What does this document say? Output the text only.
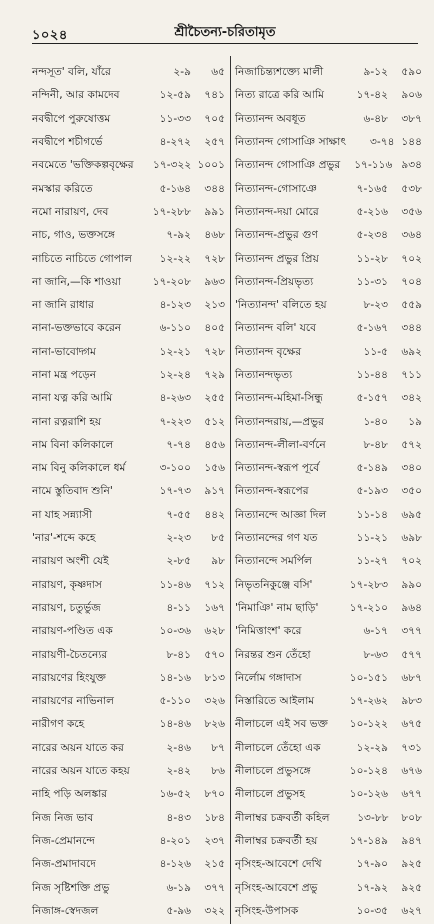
১০২৪	শ্রীচৈতন্য-চরিতামৃত
নন্দসূত' বলি, যাঁরে	২-৯	৬৫
নন্দিনী, আর কামদেব	১২-৫৯	৭৪১
নবদ্বীপে পুরুষোত্তম	১১-৩৩	৭০৫
নবদ্বীপে শচীগর্ভে	৪-২৭২	২৫৭
নবমেতে 'ভক্তিকল্পবৃক্ষের	১৭-৩২২ ১০০১
নমস্কার করিতে	৫-১৬৪	৩৪৪
নমো নারায়ণ, দেব	১৭-২৮৮	৯৯১
নাচ, গাও, ভক্তসঙ্গে	৭-৯২	৪৬৮
নাচিতে নাচিতে গোপাল	১২-২২	৭২৮
না জানি,—কি শাওয়া	১৭-২০৮	৯৬৩
না জানি রাধার	৪-১২৩	২১৩
নানা-ভক্তভাবে করেন	৬-১১০	৪০৫
নানা-ভাবোদ্গম	১২-২১	৭২৮
নানা মন্ত্র পড়েন	১২-২৪	৭২৯
নানা যত্ন করি আমি	৪-২৬৩	২৫৫
নানা রত্নরাশি হয়	৭-২২৩	৫১২
নাম বিনা কলিকালে	৭-৭৪	৪৫৬
নাম বিনু কলিকালে ধর্ম	৩-১০০	১৫৬
নামে স্তুতিবাদ শুনি'	১৭-৭৩	৯১৭
না যাহ সন্ন্যাসী	৭-৫৫	৪৪২
'নার'-শব্দে কহে	২-২৩	৮৫
নারায়ণ অংশী যেই	২-৮৫	৯৮
নারায়ণ, কৃষ্ণদাস	১১-৪৬	৭১২
নারায়ণ, চতুর্ভুজ	৪-১১	১৬৭
নারায়ণ-পণ্ডিত এক	১০-৩৬	৬২৮
নারায়ণী-চৈতন্যের	৮-৪১	৫৭০
নারায়ণের হিংযুক্ত	১৪-১৬	৮১৩
নারায়ণের নাভিনাল	৫-১১০	৩২৬
নারীগণ কহে	১৪-৪৬	৮২৬
নারের অয়ন যাতে কর	২-৪৬	৮৭
নারের অয়ন যাতে কহয়	২-৪২	৮৬
নাহি পড়ি অলঙ্কার	১৬-৫২	৮৭০
নিজ নিজ ভাব	৪-৪৩	১৮৪
নিজ-প্রেমানন্দে	৪-২০১	২৩৭
নিজ-প্রমাদাবদে	৪-১২৬	২১৫
নিজ সৃষ্টিশক্তি প্রভু	৬-১৯	৩৭৭
নিজাঙ্গ-স্বেদজল	৫-৯৬	৩২২
নিজাচিন্ত্যশক্ত্যে মালী	৯-১২	৫৯০
নিত্য রাত্রে করি আমি	১৭-৪২	৯০৬
নিত্যানন্দ অবধূত	৬-৪৮	৩৮৭
নিত্যানন্দ গোসাঞি সাক্ষাৎ	৩-৭৪ ১৪৪
নিত্যানন্দ গোসাঞি প্রভুর	১৭-১১৬ ৯৩৪
নিত্যানন্দ-গোসাঞে	৭-১৬৫	৫৩৮
নিত্যানন্দ-দয়া মোরে	৫-২১৬	৩৫৬
নিত্যানন্দ-প্রভুর গুণ	৫-২৩৪	৩৬৪
নিত্যানন্দ প্রভুর প্রিয়	১১-২৮	৭০২
নিত্যানন্দ-প্রিয়ভৃত্য	১১-৩১	৭০৪
'নিত্যানন্দ' বলিতে হয়	৮-২৩	৫৫৯
নিত্যানন্দ বলি' যবে	৫-১৬৭	৩৪৪
নিত্যানন্দ বৃক্ষের	১১-৫	৬৯২
নিত্যানন্দভৃত্য	১১-৪৪	৭১১
নিত্যানন্দ-মহিমা-সিন্ধু	৫-১৫৭	৩৪২
নিত্যানন্দরায়,—প্রভুর	১-৪০	১৯
নিত্যানন্দ-লীলা-বর্ণনে	৮-৪৮	৫৭২
নিত্যানন্দ-স্বরূপ পূর্বে	৫-১৪৯	৩৪০
নিত্যানন্দ-স্বরূপের	৫-১৯৩	৩৫০
নিত্যানন্দে আজ্ঞা দিল	১১-১৪	৬৯৫
নিত্যানন্দের গণ যত	১১-২১	৬৯৮
নিত্যানন্দে সমর্পিল	১১-২৭	৭০২
নিভৃতনিকুঞ্জে বসি'	১৭-২৮৩	৯৯০
'নিমাঞি' নাম ছাড়ি'	১৭-২১০	৯৬৪
'নিমিত্তাংশ' করে	৬-১৭	৩৭৭
নিরন্তর শুন তেঁহো	৮-৬৩	৫৭৭
নির্লোম গঙ্গাদাস	১০-১৫১	৬৮৭
নিস্তারিতে আইলাম	১৭-২৬২	৯৮৩
নীলাচলে এই সব ভক্ত	১০-১২২	৬৭৫
নীলাচলে তেঁহো এক	১২-২৯	৭৩১
নীলাচলে প্রভুসঙ্গে	১০-১২৪	৬৭৬
নীলাচলে প্রভুসহ	১০-১২৬	৬৭৭
নীলাম্বর চক্রবর্তী কহিল	১৩-৮৮	৮০৮
নীলাম্বর চক্রবর্তী হয়	১৭-১৪৯	৯৪৭
নৃসিংহ-আবেশে দেখি	১৭-৯০	৯২৫
নৃসিংহ-আবেশে প্রভু	১৭-৯২	৯২৫
নৃসিংহ-উপাসক	১০-৩৫	৬২৭
